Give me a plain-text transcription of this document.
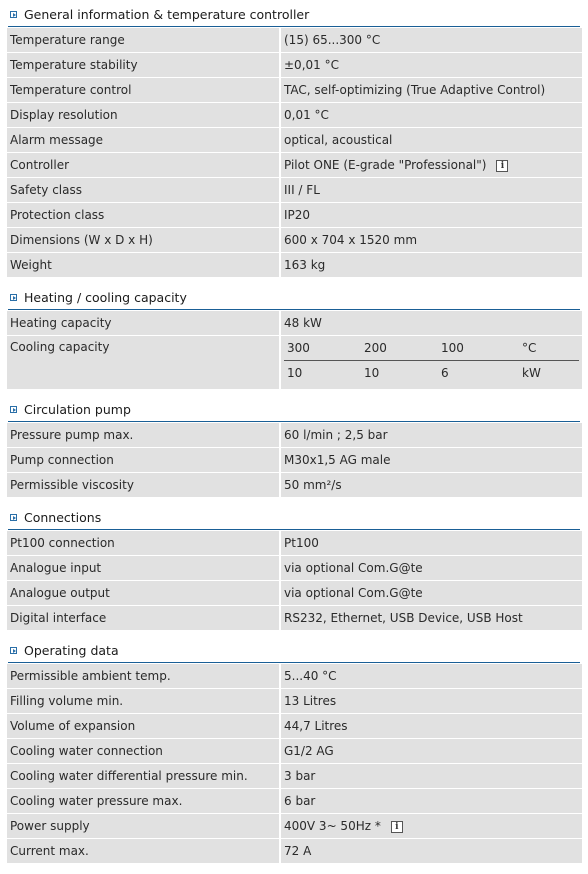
General information & temperature controller
Temperature range	(15) 65...300 °C
Temperature stability	±0,01 °C
Temperature control	TAC, self-optimizing (True Adaptive Control)
Display resolution	0,01 °C
Alarm message	optical, acoustical
Controller	Pilot ONE (E-grade "Professional") i
Safety class	III / FL
Protection class	IP20
Dimensions (W x D x H)	600 x 704 x 1520 mm
Weight	163 kg
Heating / cooling capacity
Heating capacity	48 kW
Cooling capacity		300	200	100	°C
10	10	6	kW
Circulation pump
Pressure pump max.	60 l/min ; 2,5 bar
Pump connection	M30x1,5 AG male
Permissible viscosity	50 mm²/s
Connections
Pt100 connection	Pt100
Analogue input	via optional Com.G@te
Analogue output	via optional Com.G@te
Digital interface	RS232, Ethernet, USB Device, USB Host
Operating data
Permissible ambient temp.	5...40 °C
Filling volume min.	13 Litres
Volume of expansion	44,7 Litres
Cooling water connection	G1/2 AG
Cooling water differential pressure min.	3 bar
Cooling water pressure max.	6 bar
Power supply	400V 3~ 50Hz * i
Current max.	72 A
